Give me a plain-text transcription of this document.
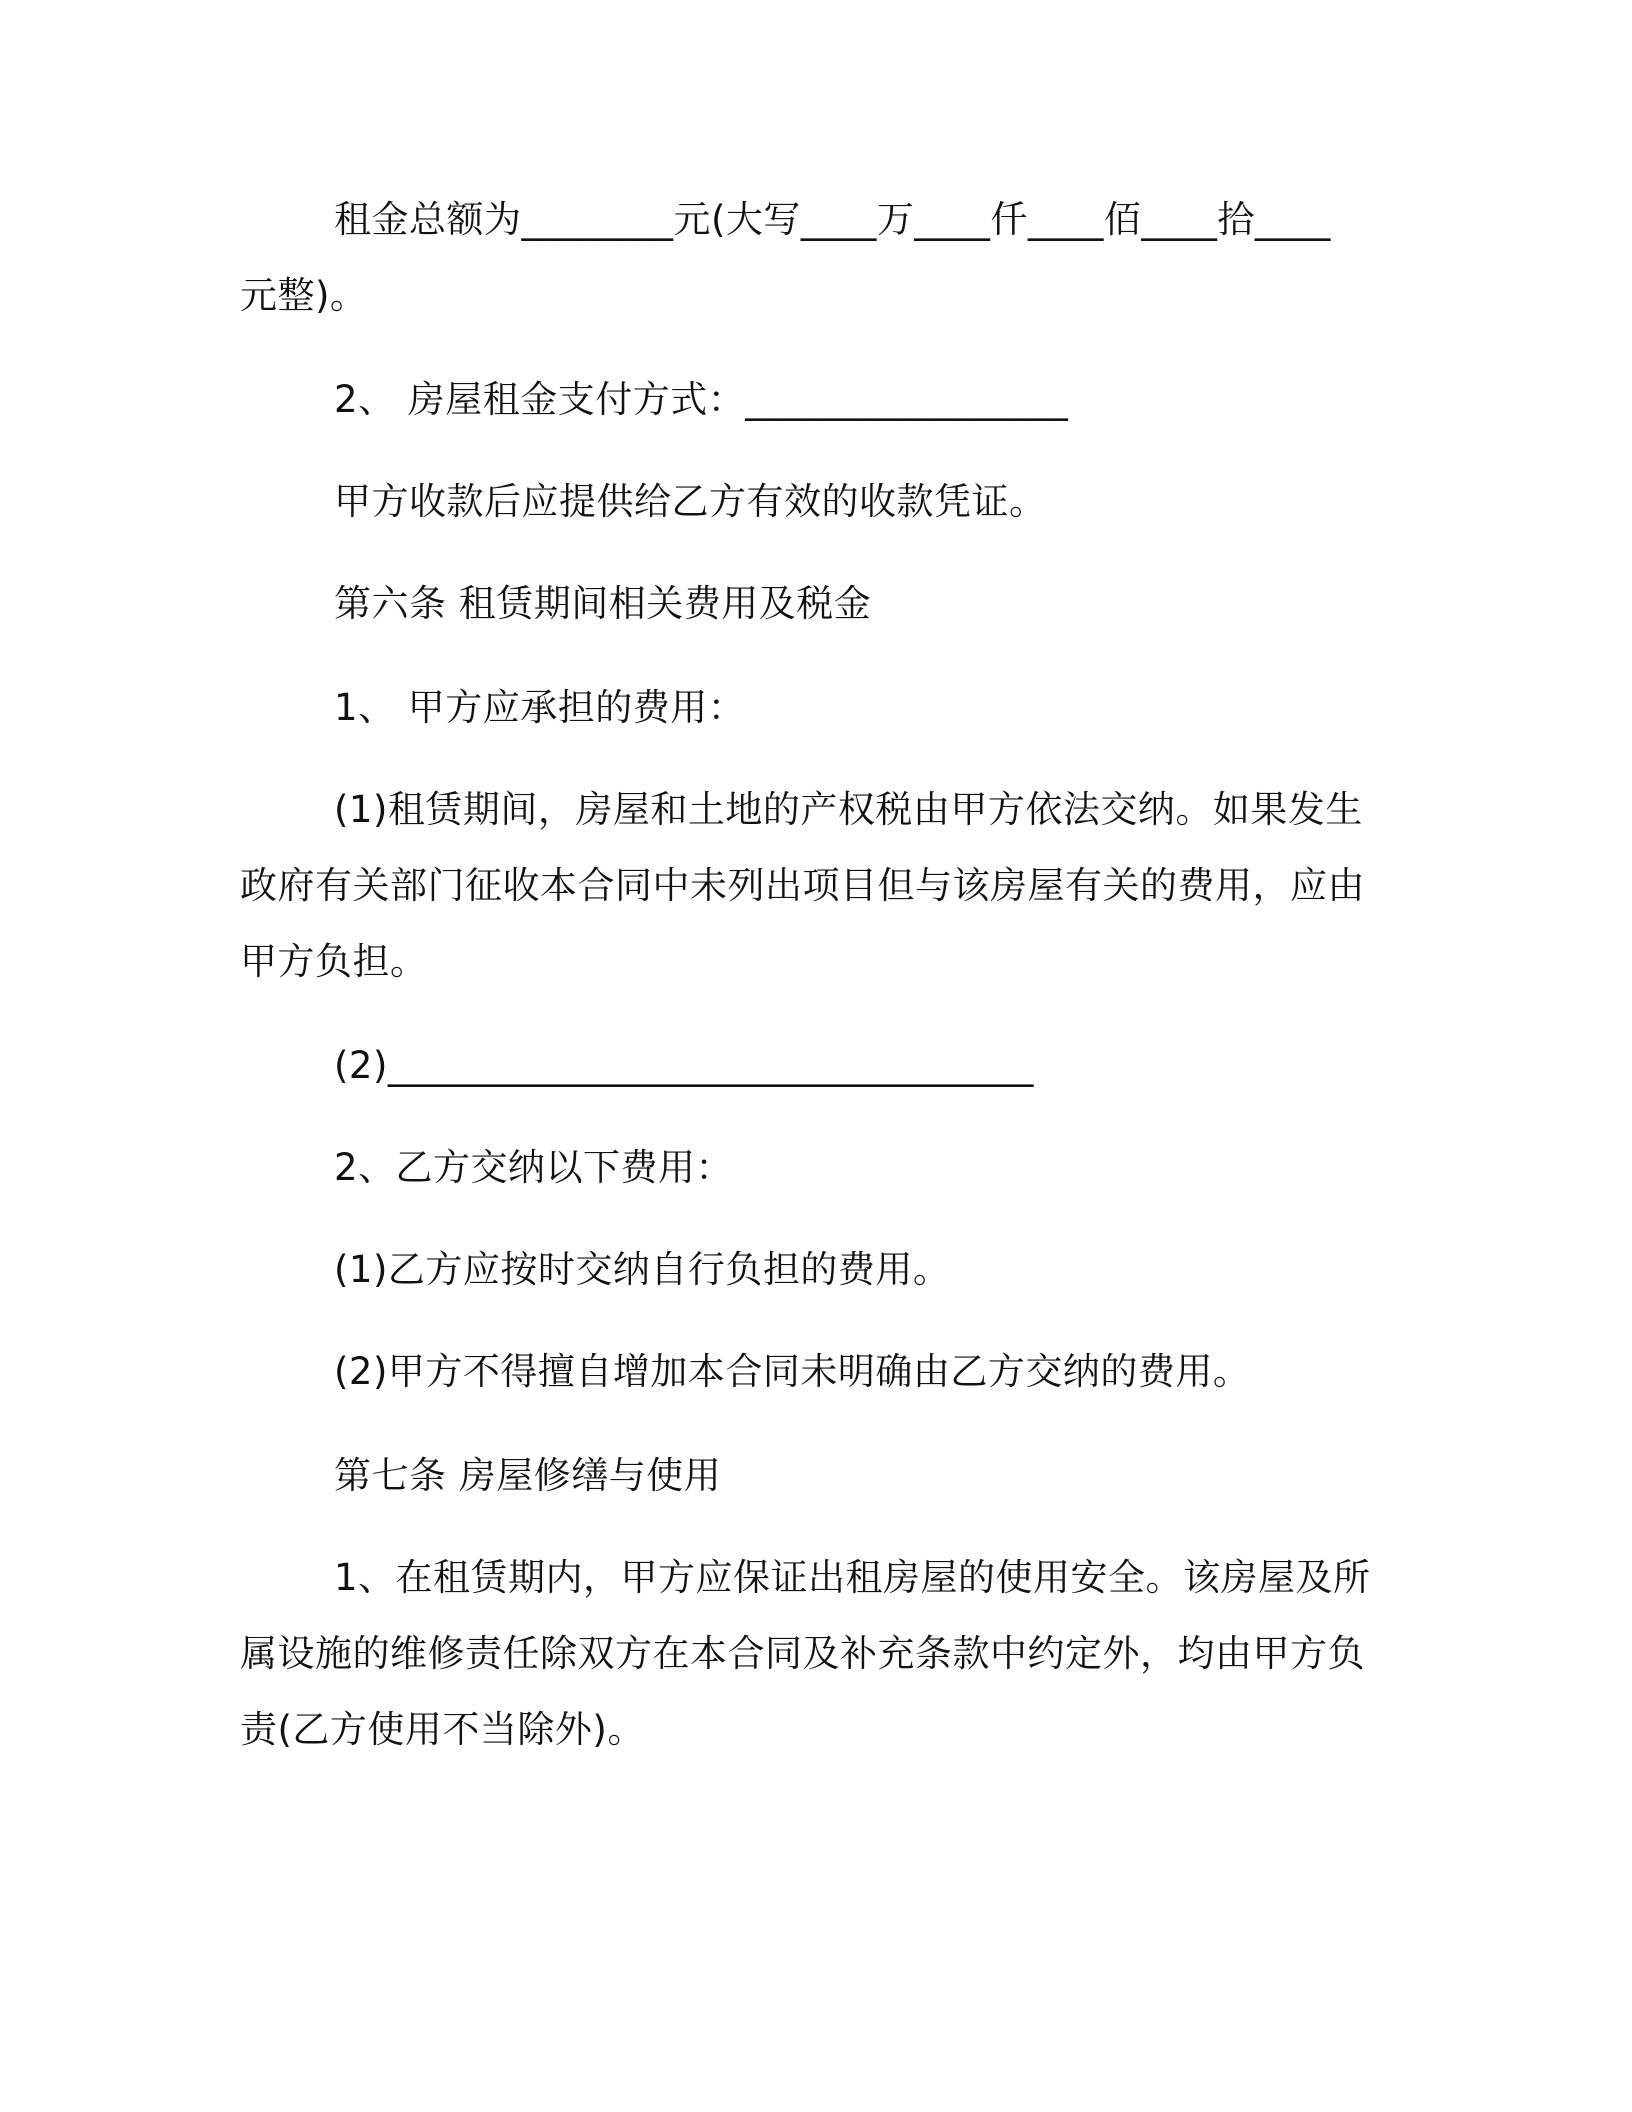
租金总额为________元(大写____万____仟____佰____拾____
元整)。
2、 房屋租金支付方式：_________________
甲方收款后应提供给乙方有效的收款凭证。
第六条 租赁期间相关费用及税金
1、 甲方应承担的费用：
(1)租赁期间，房屋和土地的产权税由甲方依法交纳。如果发生
政府有关部门征收本合同中未列出项目但与该房屋有关的费用，应由
甲方负担。
(2)__________________________________
2、乙方交纳以下费用：
(1)乙方应按时交纳自行负担的费用。
(2)甲方不得擅自增加本合同未明确由乙方交纳的费用。
第七条 房屋修缮与使用
1、在租赁期内，甲方应保证出租房屋的使用安全。该房屋及所
属设施的维修责任除双方在本合同及补充条款中约定外，均由甲方负
责(乙方使用不当除外)。
